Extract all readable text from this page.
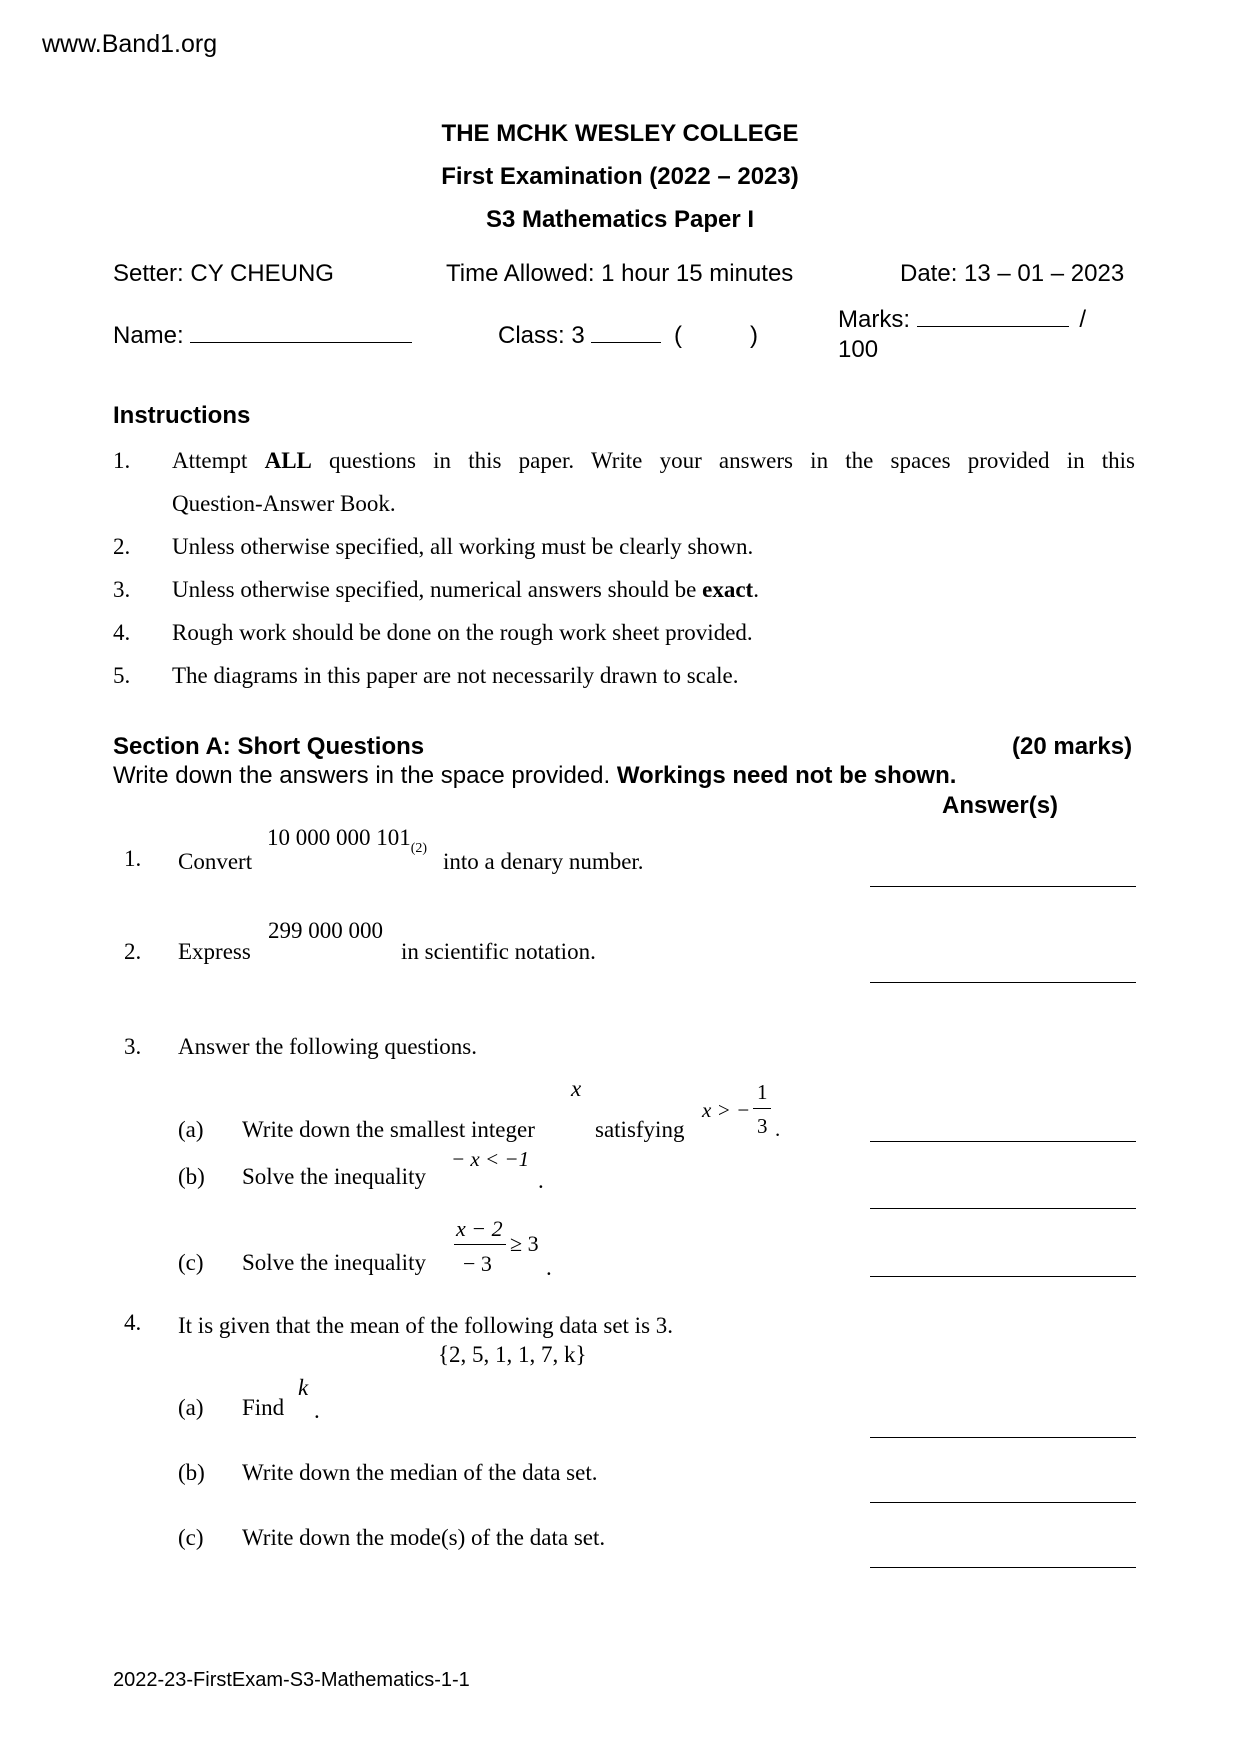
www.Band1.org
THE MCHK WESLEY COLLEGE
First Examination (2022 – 2023)
S3 Mathematics Paper I
Setter: CY CHEUNG	Time Allowed: 1 hour 15 minutes	Date: 13 – 01 – 2023
Name:	Class: 3	(	)
Marks:	/
100
Instructions
1. Attempt ALL questions in this paper. Write your answers in the spaces provided in this
Question-Answer Book.
2. Unless otherwise specified, all working must be clearly shown.
3. Unless otherwise specified, numerical answers should be exact.
4. Rough work should be done on the rough work sheet provided.
5. The diagrams in this paper are not necessarily drawn to scale.
Section A: Short Questions	(20 marks)
Write down the answers in the space provided. Workings need not be shown.
Answer(s)
1. Convert
10 000 000 $101_{(2)}$
into a denary number.
2. Express
299 000 000
in scientific notation.
3. Answer the following questions.
(a) Write down the smallest integer
x
satisfying
x > −
1
3 .
(b) Solve the inequality
− x < −1
.
(c) Solve the inequality
x − 2
− 3
≥ 3
.
4. It is given that the mean of the following data set is 3.
{2, 5, 1, 1, 7, k}
(a) Find
k
.
(b) Write down the median of the data set.
(c) Write down the mode(s) of the data set.
2022-23-FirstExam-S3-Mathematics-1-1
